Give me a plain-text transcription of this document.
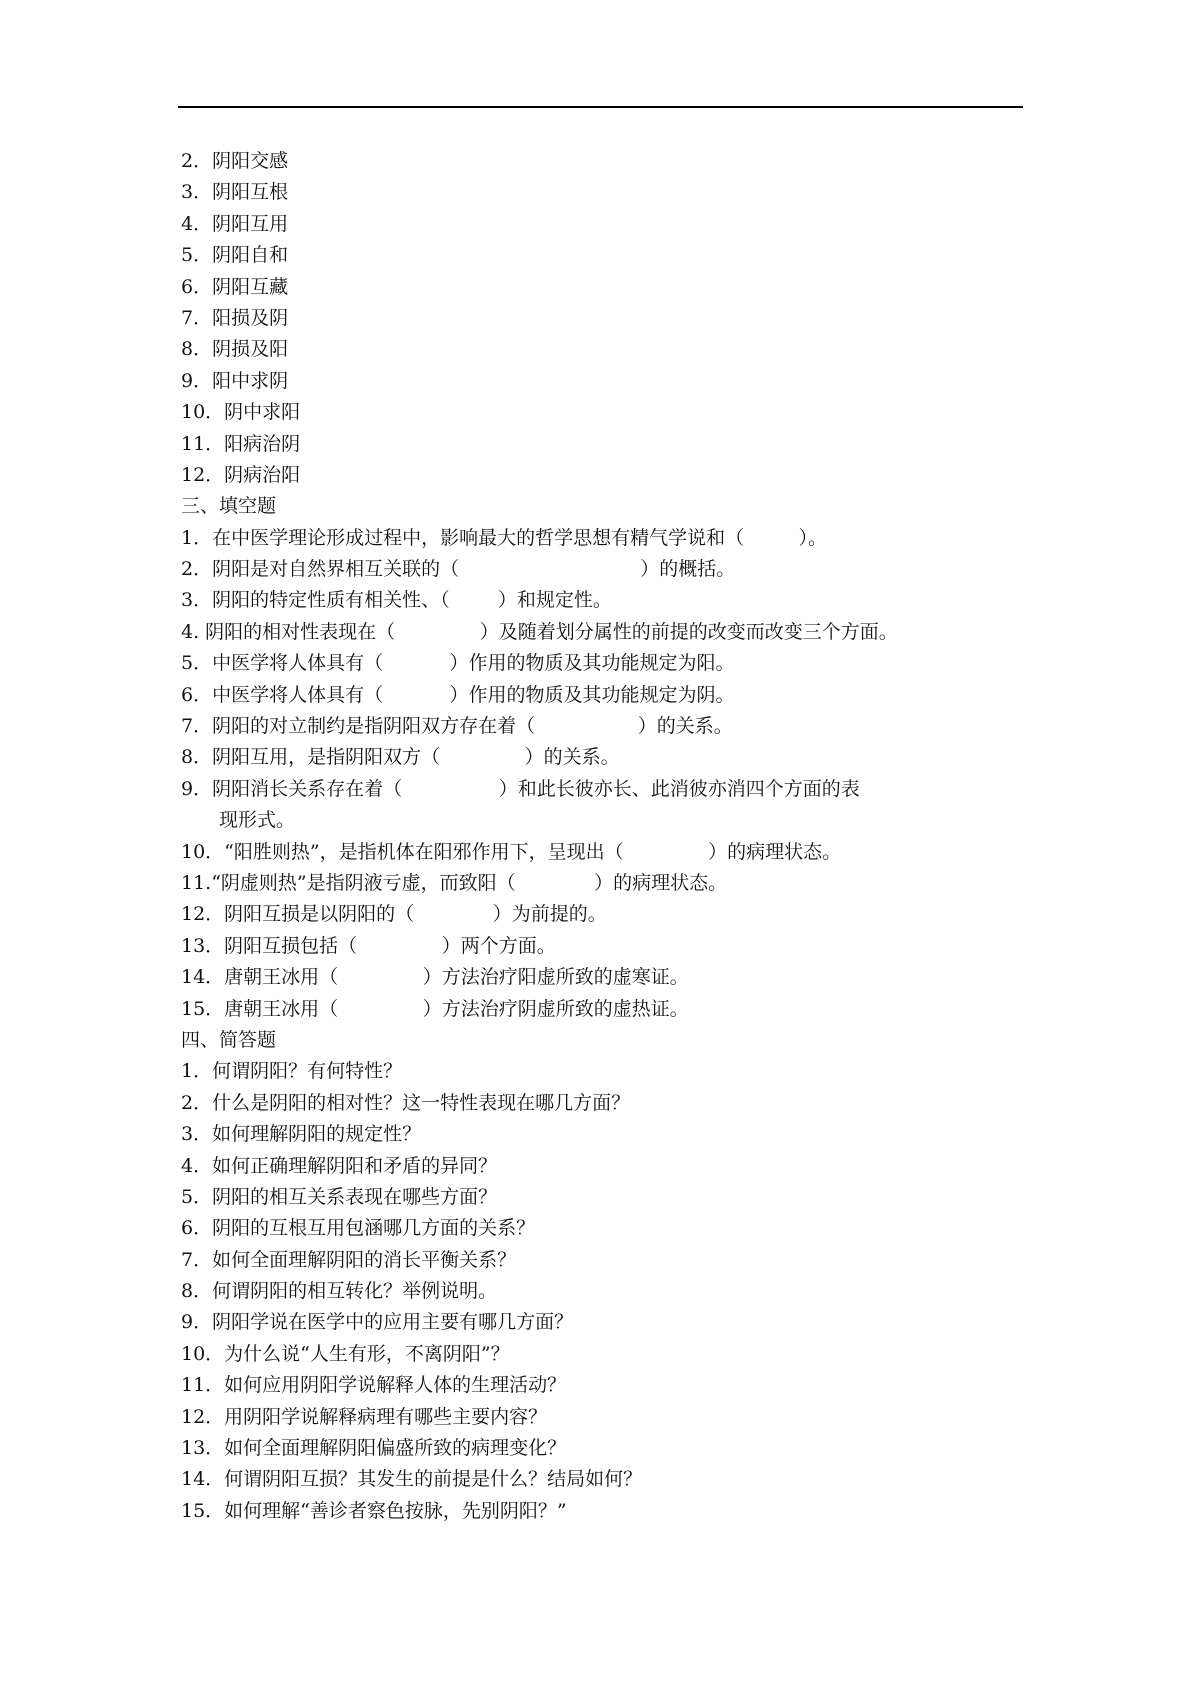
2．阴阳交感
3．阴阳互根
4．阴阳互用
5．阴阳自和
6．阴阳互藏
7．阳损及阴
8．阴损及阳
9．阳中求阴
10．阴中求阳
11．阳病治阴
12．阴病治阳
三、填空题
1．在中医学理论形成过程中，影响最大的哲学思想有精气学说和（         ）。
2．阴阳是对自然界相互关联的（                              ）的概括。
3．阴阳的特定性质有相关性、（        ）和规定性。
4. 阴阳的相对性表现在（              ）及随着划分属性的前提的改变而改变三个方面。
5．中医学将人体具有（           ）作用的物质及其功能规定为阳。
6．中医学将人体具有（           ）作用的物质及其功能规定为阴。
7．阴阳的对立制约是指阴阳双方存在着（                 ）的关系。
8．阴阳互用，是指阴阳双方（              ）的关系。
9．阴阳消长关系存在着（                ）和此长彼亦长、此消彼亦消四个方面的表
现形式。
10．“阳胜则热”，是指机体在阳邪作用下，呈现出（              ）的病理状态。
11.“阴虚则热”是指阴液亏虚，而致阳（             ）的病理状态。
12．阴阳互损是以阴阳的（             ）为前提的。
13．阴阳互损包括（              ）两个方面。
14．唐朝王冰用（              ）方法治疗阳虚所致的虚寒证。
15．唐朝王冰用（              ）方法治疗阴虚所致的虚热证。
四、简答题
1．何谓阴阳？有何特性？
2．什么是阴阳的相对性？这一特性表现在哪几方面？
3．如何理解阴阳的规定性？
4．如何正确理解阴阳和矛盾的异同？
5．阴阳的相互关系表现在哪些方面？
6．阴阳的互根互用包涵哪几方面的关系？
7．如何全面理解阴阳的消长平衡关系？
8．何谓阴阳的相互转化？举例说明。
9．阴阳学说在医学中的应用主要有哪几方面？
10．为什么说“人生有形，不离阴阳”？
11．如何应用阴阳学说解释人体的生理活动？
12．用阴阳学说解释病理有哪些主要内容？
13．如何全面理解阴阳偏盛所致的病理变化？
14．何谓阴阳互损？其发生的前提是什么？结局如何？
15．如何理解“善诊者察色按脉，先别阴阳？”
